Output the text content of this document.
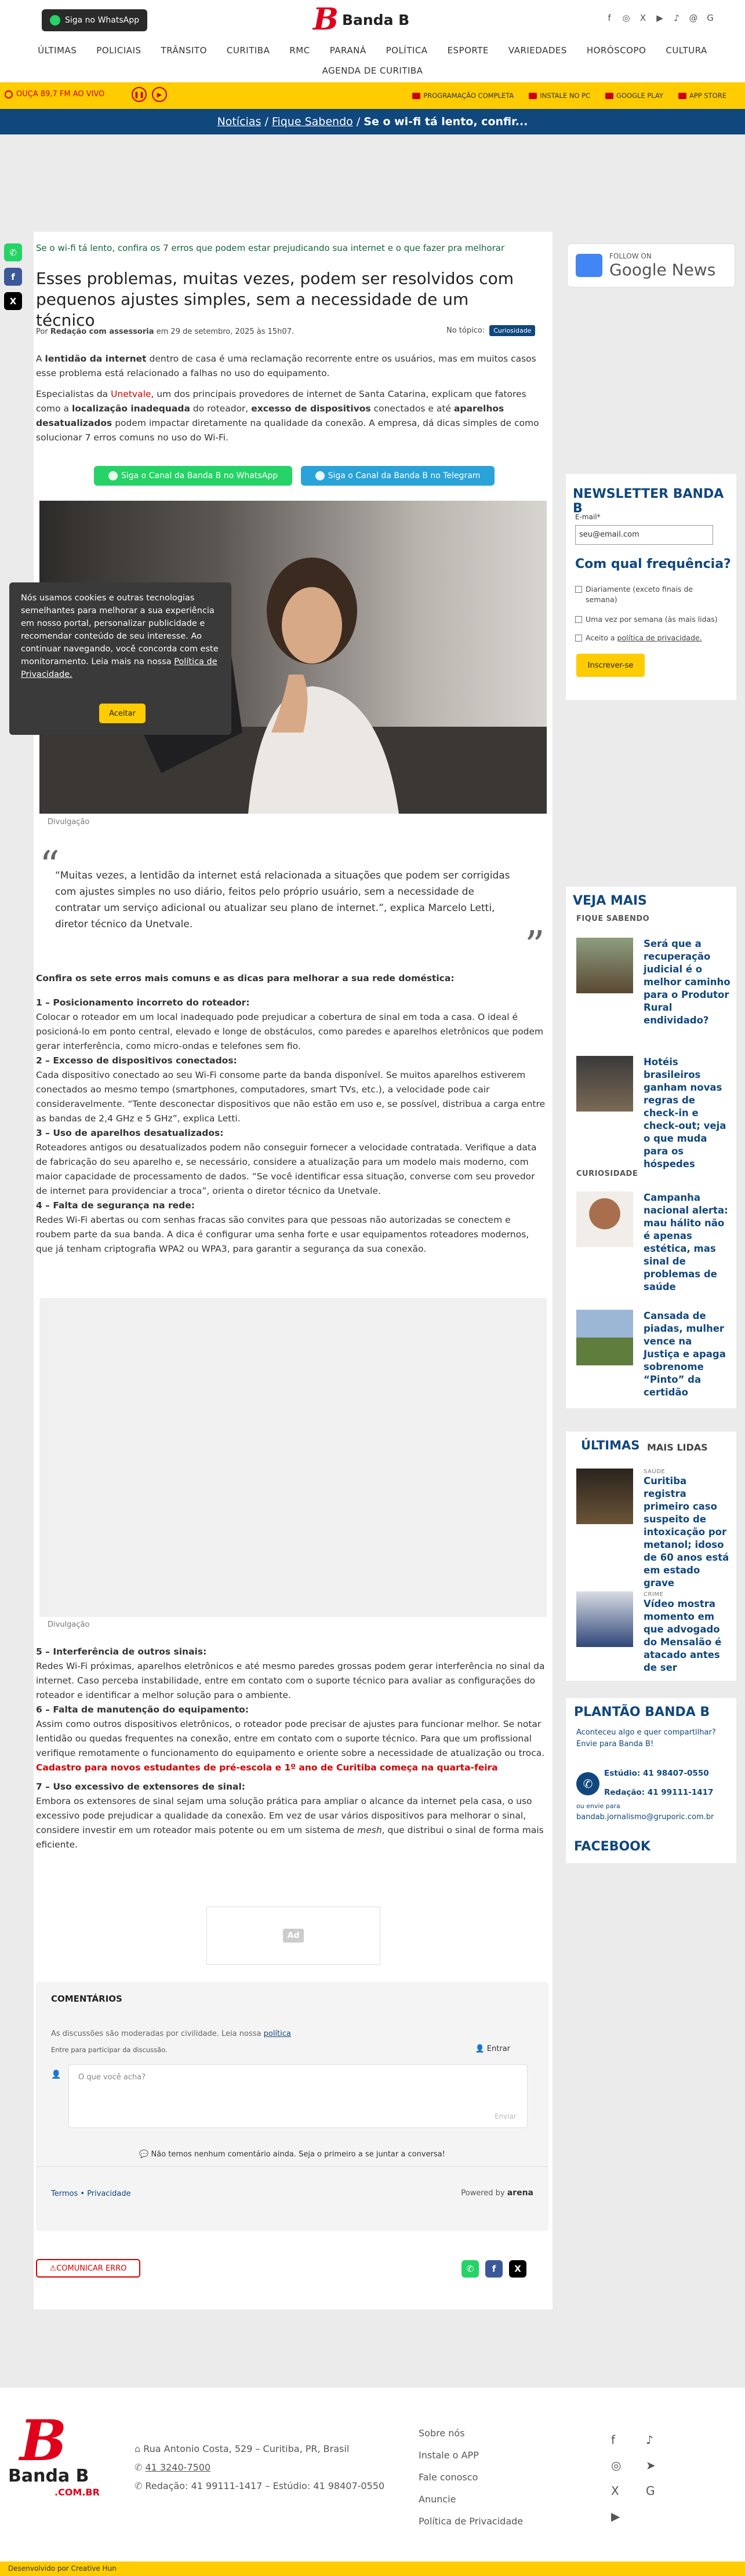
Siga no WhatsApp	B Banda B	f	◎ X ▶ ♪ @ G
ÚLTIMAS POLICIAIS TRÂNSITO CURITIBA RMC PARANÁ POLÍTICA ESPORTE VARIEDADES HORÓSCOPO CULTURA
AGENDA DE CURITIBA
OUÇA 89,7 FM AO VIVO	❚❚	▶	PROGRAMAÇÃO COMPLETA	INSTALE NO PC	GOOGLE PLAY	APP STORE
Notícias / Fique Sabendo / Se o wi-fi tá lento, confir...
✆
f
X
Se o wi-fi tá lento, confira os 7 erros que podem estar prejudicando sua internet e o que fazer pra melhorar
Esses problemas, muitas vezes, podem ser resolvidos com pequenos ajustes simples, sem a necessidade de um técnico
Por Redação com assessoria em 29 de setembro, 2025 às 15h07.	No tópico:	Curiosidade

A lentidão da internet dentro de casa é uma reclamação recorrente entre os usuários, mas em muitos casos esse problema está relacionado a falhas no uso do equipamento.

Especialistas da Unetvale, um dos principais provedores de internet de Santa Catarina, explicam que fatores como a localização inadequada do roteador, excesso de dispositivos conectados e até aparelhos desatualizados podem impactar diretamente na qualidade da conexão. A empresa, dá dicas simples de como solucionar 7 erros comuns no uso do Wi-Fi.

Siga o Canal da Banda B no WhatsApp	Siga o Canal da Banda B no Telegram
Divulgação
“
”
“Muitas vezes, a lentidão da internet está relacionada a situações que podem ser corrigidas com ajustes simples no uso diário, feitos pelo próprio usuário, sem a necessidade de contratar um serviço adicional ou atualizar seu plano de internet.”, explica Marcelo Letti, diretor técnico da Unetvale.

Confira os sete erros mais comuns e as dicas para melhorar a sua rede doméstica:

1 – Posicionamento incorreto do roteador:

Colocar o roteador em um local inadequado pode prejudicar a cobertura de sinal em toda a casa. O ideal é posicioná-lo em ponto central, elevado e longe de obstáculos, como paredes e aparelhos eletrônicos que podem gerar interferência, como micro-ondas e telefones sem fio.

2 – Excesso de dispositivos conectados:

Cada dispositivo conectado ao seu Wi-Fi consome parte da banda disponível. Se muitos aparelhos estiverem conectados ao mesmo tempo (smartphones, computadores, smart TVs, etc.), a velocidade pode cair consideravelmente. “Tente desconectar dispositivos que não estão em uso e, se possível, distribua a carga entre as bandas de 2,4 GHz e 5 GHz”, explica Letti.

3 – Uso de aparelhos desatualizados:

Roteadores antigos ou desatualizados podem não conseguir fornecer a velocidade contratada. Verifique a data de fabricação do seu aparelho e, se necessário, considere a atualização para um modelo mais moderno, com maior capacidade de processamento de dados. “Se você identificar essa situação, converse com seu provedor de internet para providenciar a troca”, orienta o diretor técnico da Unetvale.

4 – Falta de segurança na rede:

Redes Wi-Fi abertas ou com senhas fracas são convites para que pessoas não autorizadas se conectem e roubem parte da sua banda. A dica é configurar uma senha forte e usar equipamentos roteadores modernos, que já tenham criptografia WPA2 ou WPA3, para garantir a segurança da sua conexão.

Divulgação

5 – Interferência de outros sinais:

Redes Wi-Fi próximas, aparelhos eletrônicos e até mesmo paredes grossas podem gerar interferência no sinal da internet. Caso perceba instabilidade, entre em contato com o suporte técnico para avaliar as configurações do roteador e identificar a melhor solução para o ambiente.

6 – Falta de manutenção do equipamento:

Assim como outros dispositivos eletrônicos, o roteador pode precisar de ajustes para funcionar melhor. Se notar lentidão ou quedas frequentes na conexão, entre em contato com o suporte técnico. Para que um profissional verifique remotamente o funcionamento do equipamento e oriente sobre a necessidade de atualização ou troca.

Cadastro para novos estudantes de pré-escola e 1º ano de Curitiba começa na quarta-feira

7 – Uso excessivo de extensores de sinal:

Embora os extensores de sinal sejam uma solução prática para ampliar o alcance da internet pela casa, o uso excessivo pode prejudicar a qualidade da conexão. Em vez de usar vários dispositivos para melhorar o sinal, considere investir em um roteador mais potente ou em um sistema de mesh, que distribui o sinal de forma mais eficiente.

Ad
COMENTÁRIOS
As discussões são moderadas por civilidade. Leia nossa política
Entre para participar da discussão.	👤 Entrar
👤 O que você acha?
Enviar
💬 Não temos nenhum comentário ainda. Seja o primeiro a se juntar a conversa!
Termos • Privacidade	Powered by arena
⚠ COMUNICAR ERRO	✆	f	X
Nós usamos cookies e outras tecnologias semelhantes para melhorar a sua experiência em nosso portal, personalizar publicidade e recomendar conteúdo de seu interesse. Ao continuar navegando, você concorda com este monitoramento. Leia mais na nossa Política de Privacidade.
Aceitar
FOLLOW ON
Google News
NEWSLETTER BANDA B
E-mail*
seu@email.com
Com qual frequência?
Diariamente (exceto finais de semana)
Uma vez por semana (às mais lidas)
Aceito a política de privacidade.
Inscrever-se
VEJA MAIS
FIQUE SABENDO
Será que a recuperação judicial é o melhor caminho para o Produtor Rural endividado?
Hotéis brasileiros ganham novas regras de check-in e check-out; veja o que muda para os hóspedes
CURIOSIDADE
Campanha nacional alerta: mau hálito não é apenas estética, mas sinal de problemas de saúde
Cansada de piadas, mulher vence na Justiça e apaga sobrenome “Pinto” da certidão
ÚLTIMAS MAIS LIDAS
SAÚDE
Curitiba registra primeiro caso suspeito de intoxicação por metanol; idoso de 60 anos está em estado grave
CRIME
Vídeo mostra momento em que advogado do Mensalão é atacado antes de ser
PLANTÃO BANDA B
Aconteceu algo e quer compartilhar? Envie para Banda B!
✆
Estúdio: 41 98407-0550
Redação: 41 99111-1417
ou envie para
bandab.jornalismo@gruporic.com.br
FACEBOOK
B
Banda B
.COM.BR
⌂ Rua Antonio Costa, 529 – Curitiba, PR, Brasil
✆ 41 3240-7500
✆ Redação: 41 99111-1417 – Estúdio: 41 98407-0550
Sobre nós
Instale o APP
Fale conosco
Anuncie
Política de Privacidade
f	♪
◎	➤
X	G
▶
Desenvolvido por Creative Hun
